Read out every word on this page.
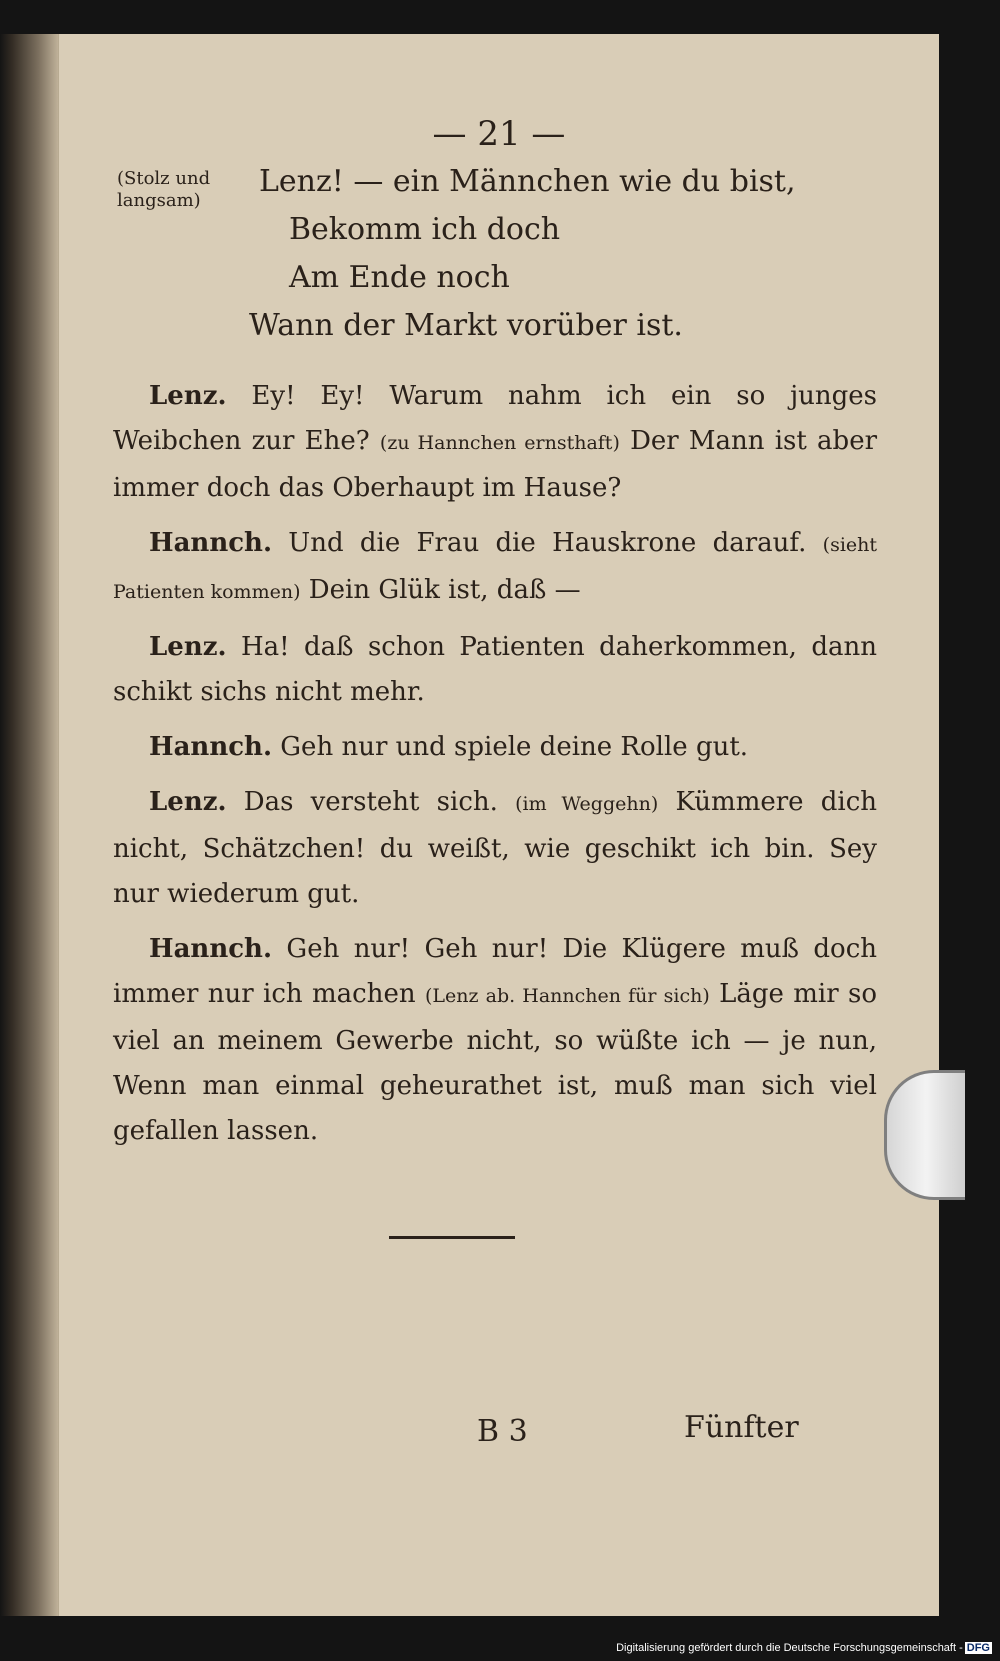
— 21 —
(Stolz und
langsam)
Lenz! — ein Männchen wie du bist,
Bekomm ich doch
Am Ende noch
Wann der Markt vorüber ist.

Lenz. Ey! Ey! Warum nahm ich ein so junges Weibchen zur Ehe? (zu Hannchen ernsthaft) Der Mann ist aber immer doch das Oberhaupt im Hause?

Hannch. Und die Frau die Hauskrone darauf. (sieht Patienten kommen) Dein Glük ist, daß —

Lenz. Ha! daß schon Patienten daherkommen, dann schikt sichs nicht mehr.

Hannch. Geh nur und spiele deine Rolle gut.

Lenz. Das versteht sich. (im Weggehn) Kümmere dich nicht, Schätzchen! du weißt, wie geschikt ich bin. Sey nur wiederum gut.

Hannch. Geh nur! Geh nur! Die Klügere muß doch immer nur ich machen (Lenz ab. Hannchen für sich) Läge mir so viel an meinem Gewerbe nicht, so wüßte ich — je nun, Wenn man einmal geheurathet ist, muß man sich viel gefallen lassen.

B 3	Fünfter
Digitalisierung gefördert durch die Deutsche Forschungsgemeinschaft - DFG
